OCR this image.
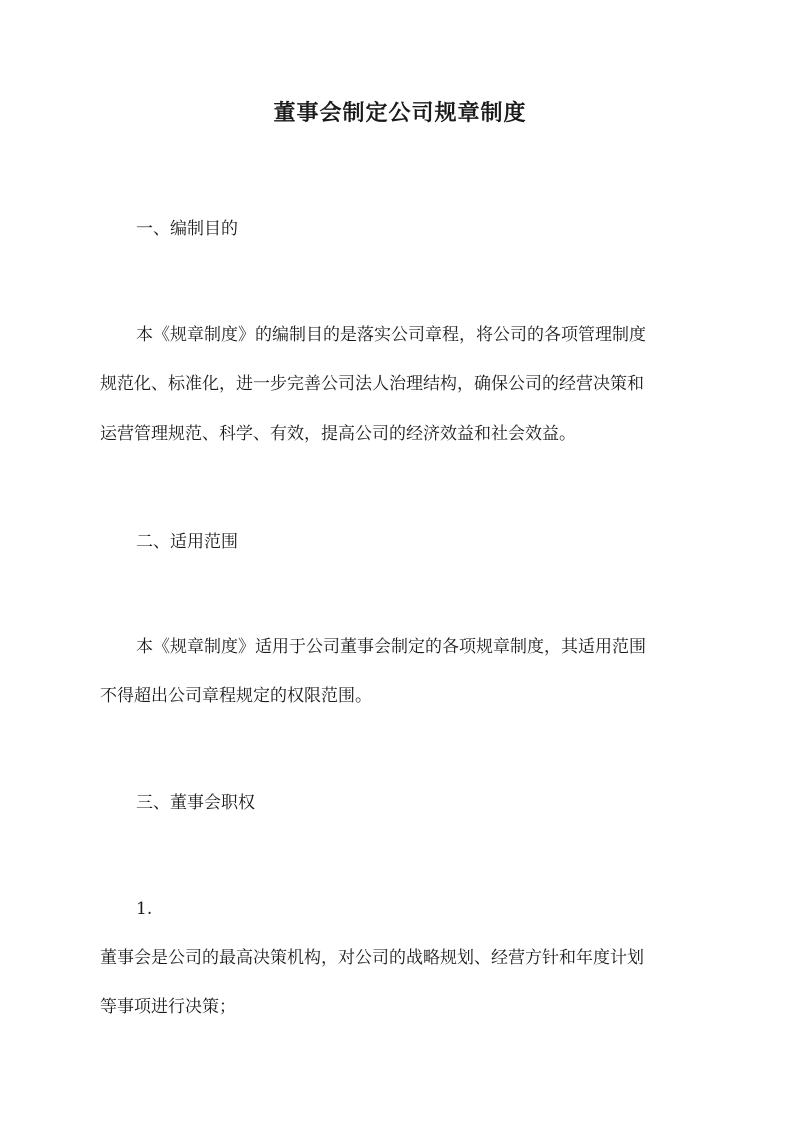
董事会制定公司规章制度
一、编制目的
本《规章制度》的编制目的是落实公司章程，将公司的各项管理制度
规范化、标准化，进一步完善公司法人治理结构，确保公司的经营决策和
运营管理规范、科学、有效，提高公司的经济效益和社会效益。
二、适用范围
本《规章制度》适用于公司董事会制定的各项规章制度，其适用范围
不得超出公司章程规定的权限范围。
三、董事会职权
1.
董事会是公司的最高决策机构，对公司的战略规划、经营方针和年度计划
等事项进行决策；
